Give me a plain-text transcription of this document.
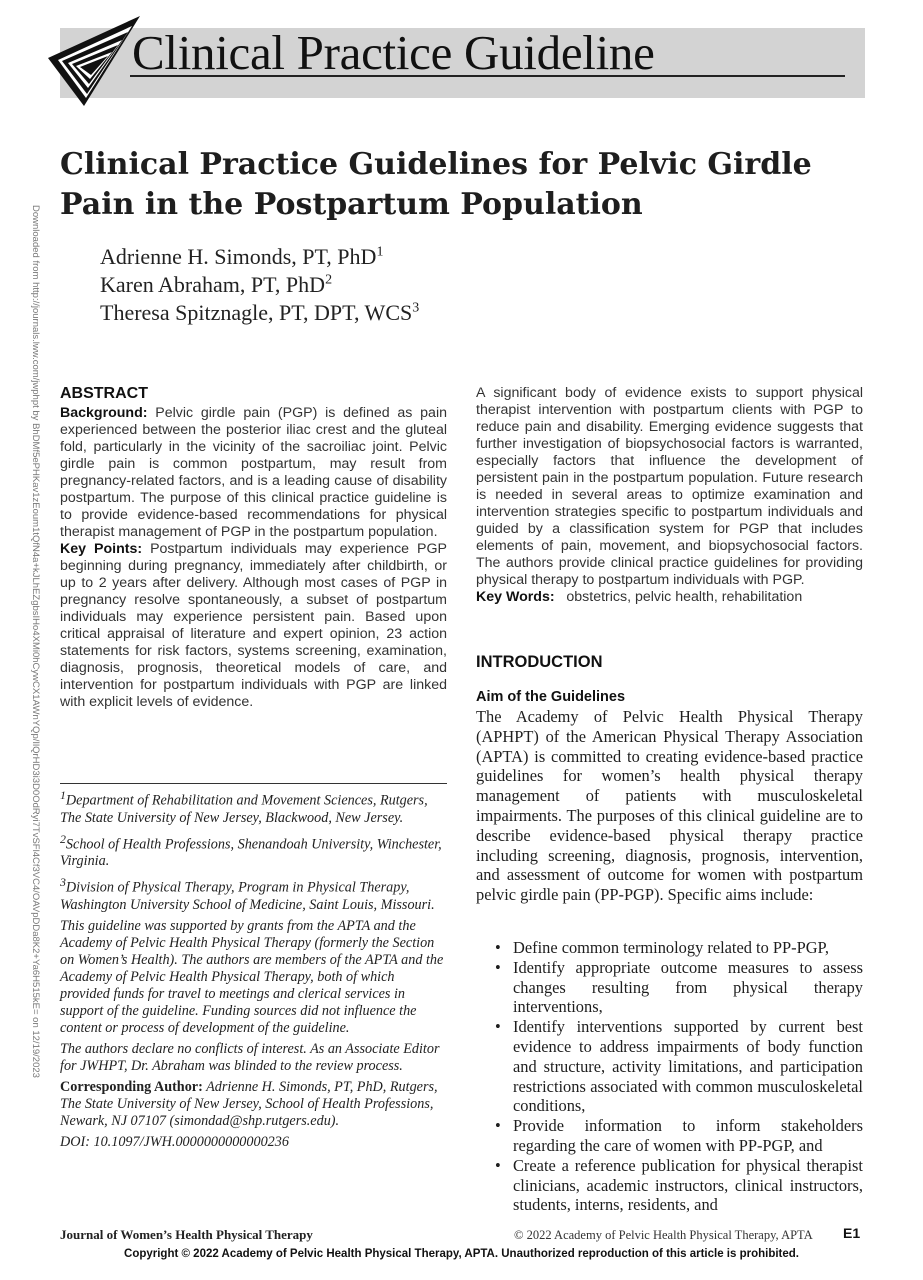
Clinical Practice Guideline
Downloaded from http://journals.lww.com/jwphpt by BhDMf5ePHKav1zEoum1tQfN4a+kJLhEZgbsIHo4XMi0hCywCX1AWnYQp/IlQrHD3i3D0OdRyi7TvSFl4Cf3VC4/OAVpDDa8K2+Ya6H515kE= on 12/19/2023
Clinical Practice Guidelines for Pelvic Girdle Pain in the Postpartum Population
Adrienne H. Simonds, PT, PhD$^1$
Karen Abraham, PT, PhD$^2$
Theresa Spitznagle, PT, DPT, WCS$^3$
ABSTRACT

Background: Pelvic girdle pain (PGP) is defined as pain experienced between the posterior iliac crest and the gluteal fold, particularly in the vicinity of the sacroiliac joint. Pelvic girdle pain is common postpartum, may result from pregnancy-related factors, and is a leading cause of disability postpartum. The purpose of this clinical practice guideline is to provide evidence-based recommendations for physical therapist management of PGP in the postpartum population.

Key Points: Postpartum individuals may experience PGP beginning during pregnancy, immediately after childbirth, or up to 2 years after delivery. Although most cases of PGP in pregnancy resolve spontaneously, a subset of postpartum individuals may experience persistent pain. Based upon critical appraisal of literature and expert opinion, 23 action statements for risk factors, systems screening, examination, diagnosis, prognosis, theoretical models of care, and intervention for postpartum individuals with PGP are linked with explicit levels of evidence.

A significant body of evidence exists to support physical therapist intervention with postpartum clients with PGP to reduce pain and disability. Emerging evidence suggests that further investigation of biopsychosocial factors is warranted, especially factors that influence the development of persistent pain in the postpartum population. Future research is needed in several areas to optimize examination and intervention strategies specific to postpartum individuals and guided by a classification system for PGP that includes elements of pain, movement, and biopsychosocial factors. The authors provide clinical practice guidelines for providing physical therapy to postpartum individuals with PGP.

Key Words: obstetrics, pelvic health, rehabilitation

$^1$Department of Rehabilitation and Movement Sciences, Rutgers, The State University of New Jersey, Blackwood, New Jersey.

$^2$School of Health Professions, Shenandoah University, Winchester, Virginia.

$^3$Division of Physical Therapy, Program in Physical Therapy, Washington University School of Medicine, Saint Louis, Missouri.

This guideline was supported by grants from the APTA and the Academy of Pelvic Health Physical Therapy (formerly the Section on Women’s Health). The authors are members of the APTA and the Academy of Pelvic Health Physical Therapy, both of which provided funds for travel to meetings and clerical services in support of the guideline. Funding sources did not influence the content or process of development of the guideline.

The authors declare no conflicts of interest. As an Associate Editor for JWHPT, Dr. Abraham was blinded to the review process.

Corresponding Author: Adrienne H. Simonds, PT, PhD, Rutgers, The State University of New Jersey, School of Health Professions, Newark, NJ 07107 (simondad@shp.rutgers.edu).

DOI: 10.1097/JWH.0000000000000236

INTRODUCTION
Aim of the Guidelines

The Academy of Pelvic Health Physical Therapy (APHPT) of the American Physical Therapy Association (APTA) is committed to creating evidence-based practice guidelines for women’s health physical therapy management of patients with musculoskeletal impairments. The purposes of this clinical guideline are to describe evidence-based physical therapy practice including screening, diagnosis, prognosis, intervention, and assessment of outcome for women with postpartum pelvic girdle pain (PP-PGP). Specific aims include:

• Define common terminology related to PP-PGP,
• Identify appropriate outcome measures to assess changes resulting from physical therapy interventions,
• Identify interventions supported by current best evidence to address impairments of body function and structure, activity limitations, and participation restrictions associated with common musculoskeletal conditions,
• Provide information to inform stakeholders regarding the care of women with PP-PGP, and
• Create a reference publication for physical therapist clinicians, academic instructors, clinical instructors, students, interns, residents, and
Journal of Women’s Health Physical Therapy	© 2022 Academy of Pelvic Health Physical Therapy, APTA E1
Copyright © 2022 Academy of Pelvic Health Physical Therapy, APTA. Unauthorized reproduction of this article is prohibited.
